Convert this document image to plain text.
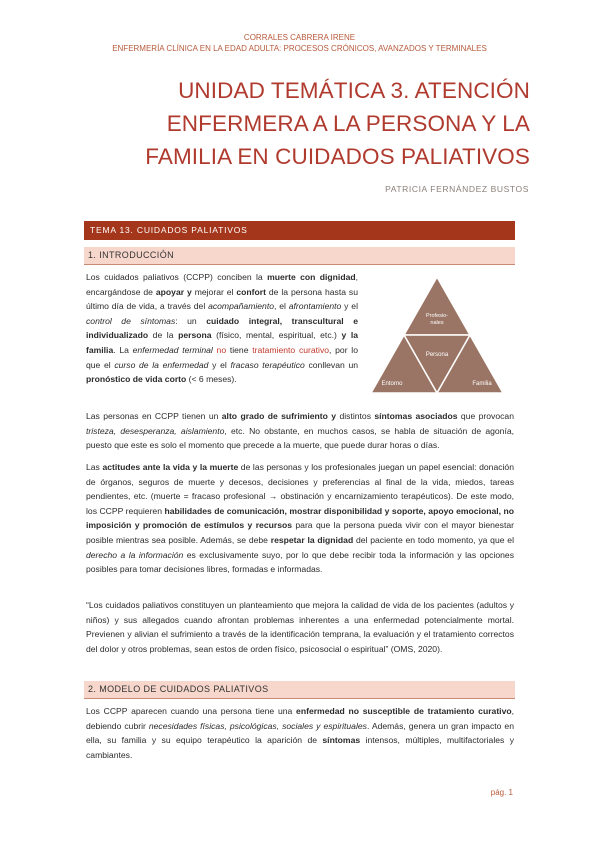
CORRALES CABRERA IRENE
ENFERMERÍA CLÍNICA EN LA EDAD ADULTA: PROCESOS CRÓNICOS, AVANZADOS Y TERMINALES
UNIDAD TEMÁTICA 3. ATENCIÓN
ENFERMERA A LA PERSONA Y LA
FAMILIA EN CUIDADOS PALIATIVOS
PATRICIA FERNÁNDEZ BUSTOS
TEMA 13. CUIDADOS PALIATIVOS
1. INTRODUCCIÓN
Los cuidados paliativos (CCPP) conciben la muerte con dignidad, encargándose de apoyar y mejorar el confort de la persona hasta su último día de vida, a través del acompañamiento, el afrontamiento y el control de síntomas: un cuidado integral, transcultural e individualizado de la persona (físico, mental, espiritual, etc.) y la familia. La enfermedad terminal no tiene tratamiento curativo, por lo que el curso de la enfermedad y el fracaso terapéutico conllevan un pronóstico de vida corto (< 6 meses).
Profesio-
nales
Persona
Entorno	Familia
Las personas en CCPP tienen un alto grado de sufrimiento y distintos síntomas asociados que provocan tristeza, desesperanza, aislamiento, etc. No obstante, en muchos casos, se habla de situación de agonía, puesto que este es solo el momento que precede a la muerte, que puede durar horas o días.
Las actitudes ante la vida y la muerte de las personas y los profesionales juegan un papel esencial: donación de órganos, seguros de muerte y decesos, decisiones y preferencias al final de la vida, miedos, tareas pendientes, etc. (muerte = fracaso profesional → obstinación y encarnizamiento terapéuticos). De este modo, los CCPP requieren habilidades de comunicación, mostrar disponibilidad y soporte, apoyo emocional, no imposición y promoción de estímulos y recursos para que la persona pueda vivir con el mayor bienestar posible mientras sea posible. Además, se debe respetar la dignidad del paciente en todo momento, ya que el derecho a la información es exclusivamente suyo, por lo que debe recibir toda la información y las opciones posibles para tomar decisiones libres, formadas e informadas.
“Los cuidados paliativos constituyen un planteamiento que mejora la calidad de vida de los pacientes (adultos y niños) y sus allegados cuando afrontan problemas inherentes a una enfermedad potencialmente mortal. Previenen y alivian el sufrimiento a través de la identificación temprana, la evaluación y el tratamiento correctos del dolor y otros problemas, sean estos de orden físico, psicosocial o espiritual” (OMS, 2020).
2. MODELO DE CUIDADOS PALIATIVOS
Los CCPP aparecen cuando una persona tiene una enfermedad no susceptible de tratamiento curativo, debiendo cubrir necesidades físicas, psicológicas, sociales y espirituales. Además, genera un gran impacto en ella, su familia y su equipo terapéutico la aparición de síntomas intensos, múltiples, multifactoriales y cambiantes.
pág. 1
